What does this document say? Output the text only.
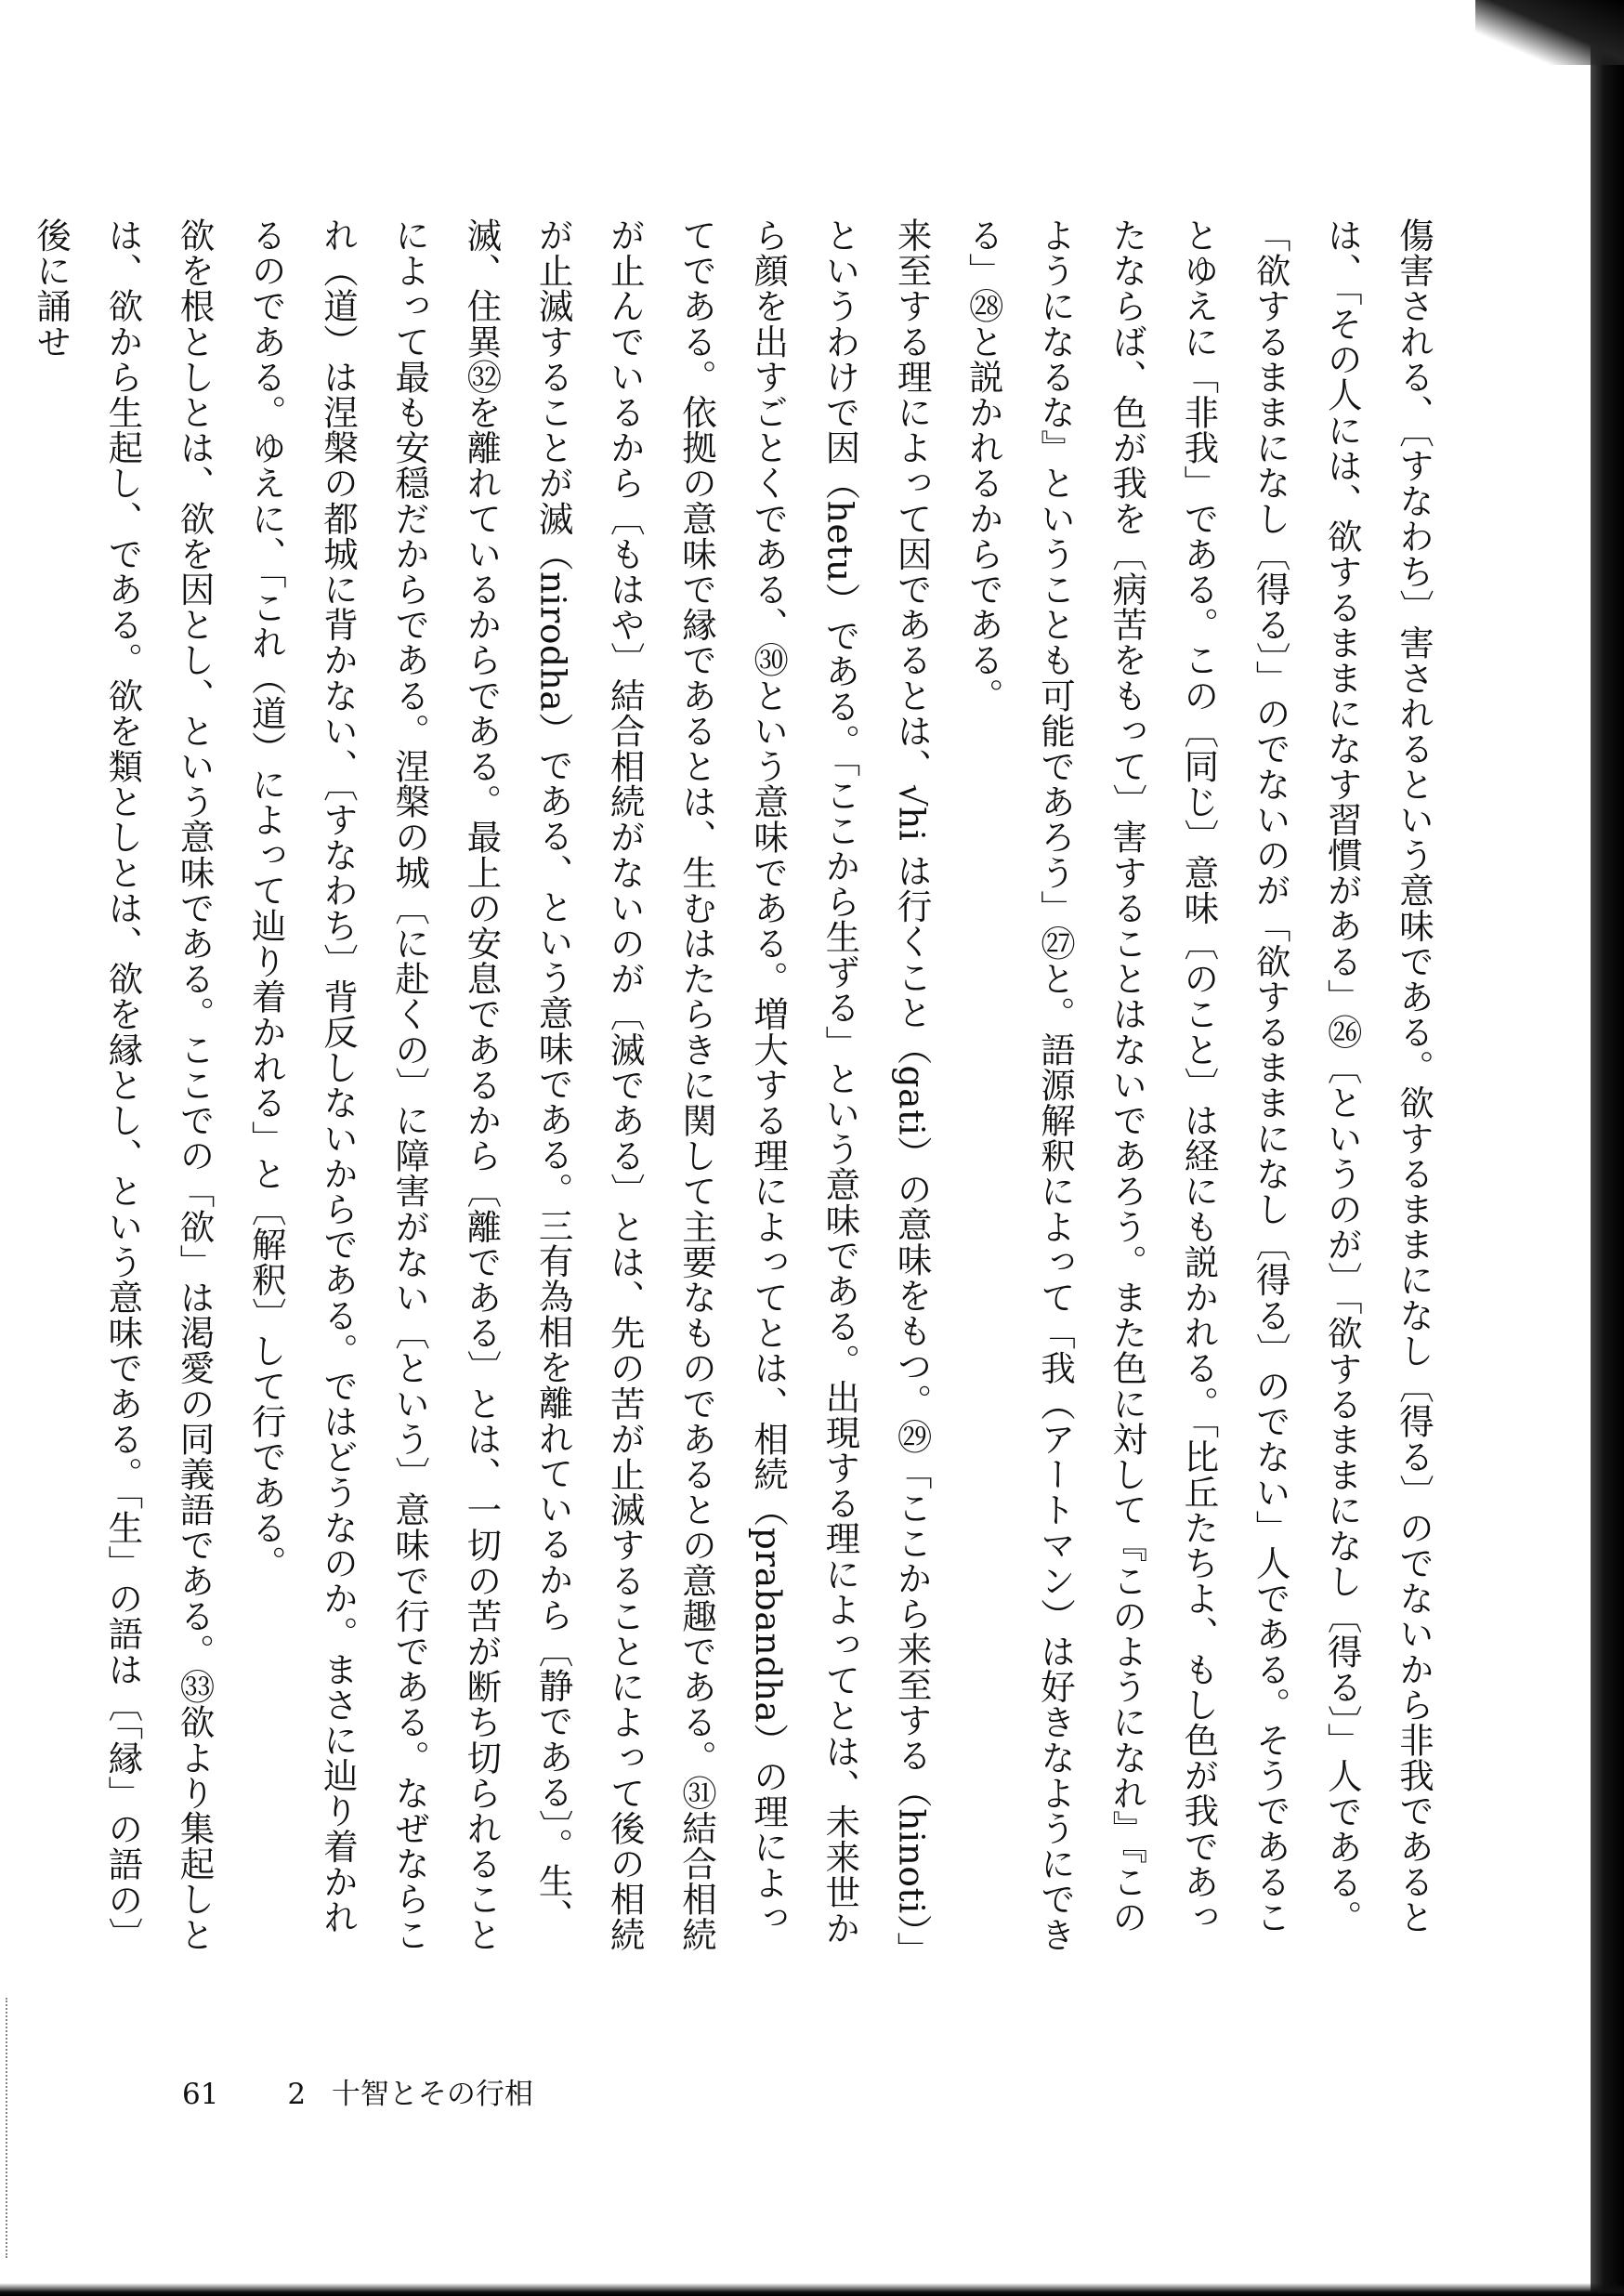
傷害される、〔すなわち〕害されるという意味である。欲するままになし〔得る〕のでないから非我であるとは、「その人には、欲するままになす習慣がある」㉖〔というのが〕「欲するままになし〔得る〕」人である。「欲するままになし〔得る〕」のでないのが「欲するままになし〔得る〕のでない」人である。そうであることゆえに「非我」である。この〔同じ〕意味〔のこと〕は経にも説かれる。「比丘たちよ、もし色が我であったならば、色が我を〔病苦をもって〕害することはないであろう。また色に対して『このようになれ』『このようになるな』ということも可能であろう」㉗と。語源解釈によって「我（アートマン）は好きなようにできる」㉘と説かれるからである。

来至する理によって因であるとは、√hi は行くこと（gati）の意味をもつ。㉙「ここから来至する（hinoti）」というわけで因（hetu）である。「ここから生ずる」という意味である。出現する理によってとは、未来世から顔を出すごとくである、㉚という意味である。増大する理によってとは、相続（prabandha）の理によってである。依拠の意味で縁であるとは、生むはたらきに関して主要なものであるとの意趣である。㉛結合相続が止んでいるから〔もはや〕結合相続がないのが〔滅である〕とは、先の苦が止滅することによって後の相続が止滅することが滅（nirodha）である、という意味である。三有為相を離れているから〔静である〕。生、滅、住異㉜を離れているからである。最上の安息であるから〔離である〕とは、一切の苦が断ち切られることによって最も安穏だからである。涅槃の城〔に赴くの〕に障害がない〔という〕意味で行である。なぜならこれ（道）は涅槃の都城に背かない、〔すなわち〕背反しないからである。ではどうなのか。まさに辿り着かれるのである。ゆえに、「これ（道）によって辿り着かれる」と〔解釈〕して行である。

欲を根としとは、欲を因とし、という意味である。ここでの「欲」は渇愛の同義語である。㉝欲より集起しとは、欲から生起し、である。欲を類としとは、欲を縁とし、という意味である。「生」の語は〔「縁」の語の〕後に誦せ

61 2 十智とその行相
